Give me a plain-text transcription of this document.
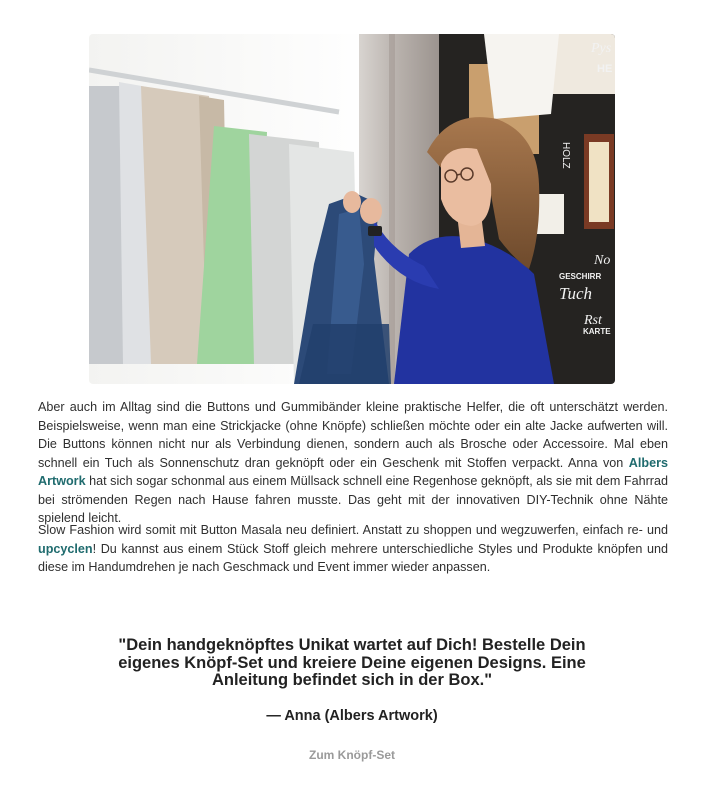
Pys
No
Tuch
Rst
HE
GESCHIRR
KARTE
HOLZ

Aber auch im Alltag sind die Buttons und Gummibänder kleine praktische Helfer, die oft unterschätzt werden. Beispielsweise, wenn man eine Strickjacke (ohne Knöpfe) schließen möchte oder ein alte Jacke aufwerten will. Die Buttons können nicht nur als Verbindung dienen, sondern auch als Brosche oder Accessoire. Mal eben schnell ein Tuch als Sonnenschutz dran geknöpft oder ein Geschenk mit Stoffen verpackt. Anna von Albers Artwork hat sich sogar schonmal aus einem Müllsack schnell eine Regenhose geknöpft, als sie mit dem Fahrrad bei strömenden Regen nach Hause fahren musste. Das geht mit der innovativen DIY-Technik ohne Nähte spielend leicht.

Slow Fashion wird somit mit Button Masala neu definiert. Anstatt zu shoppen und wegzuwerfen, einfach re- und upcyclen! Du kannst aus einem Stück Stoff gleich mehrere unterschiedliche Styles und Produkte knöpfen und diese im Handumdrehen je nach Geschmack und Event immer wieder anpassen.

"Dein handgeknöpftes Unikat wartet auf Dich! Bestelle Dein eigenes Knöpf-Set und kreiere Deine eigenen Designs. Eine Anleitung befindet sich in der Box."
— Anna (Albers Artwork)
Zum Knöpf-Set
